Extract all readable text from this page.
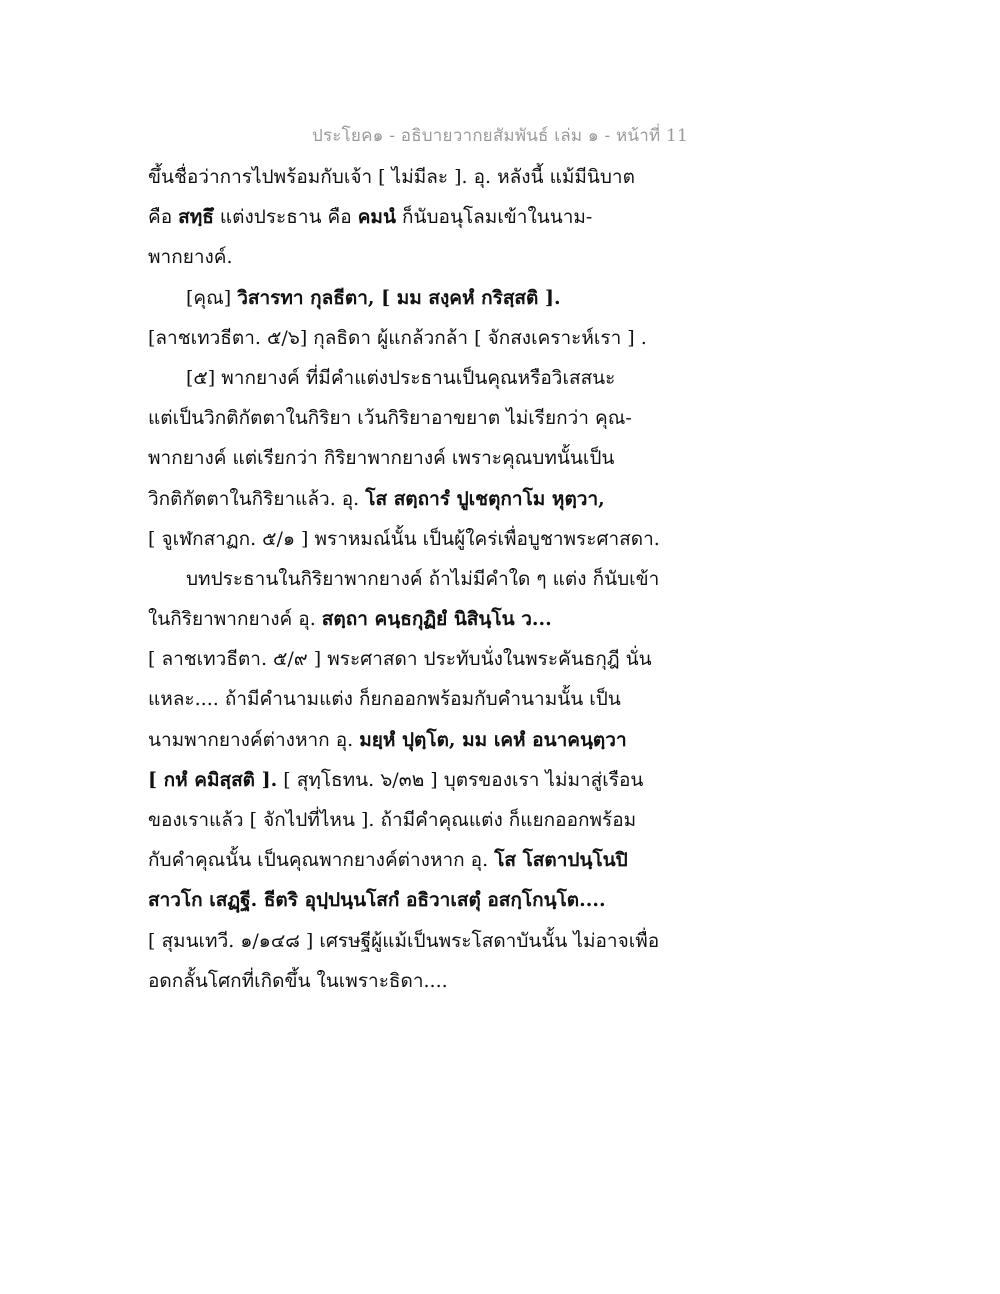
ประโยค๑ - อธิบายวากยสัมพันธ์ เล่ม ๑ - หน้าที่ 11
ขึ้นชื่อว่าการไปพร้อมกับเจ้า [ ไม่มีละ ]. อุ. หลังนี้ แม้มีนิบาต
คือ สทฺธึ แต่งประธาน คือ คมนํ ก็นับอนุโลมเข้าในนาม-
พากยางค์.
[คุณ] วิสารทา กุลธีตา, [ มม สงฺคหํ กริสฺสติ ].
[ลาชเทวธีตา. ๕/๖] กุลธิดา ผู้แกล้วกล้า [ จักสงเคราะห์เรา ] .
[๕] พากยางค์ ที่มีคำแต่งประธานเป็นคุณหรือวิเสสนะ
แต่เป็นวิกติกัตตาในกิริยา เว้นกิริยาอาขยาต ไม่เรียกว่า คุณ-
พากยางค์ แต่เรียกว่า กิริยาพากยางค์ เพราะคุณบทนั้นเป็น
วิกติกัตตาในกิริยาแล้ว. อุ. โส สตฺถารํ ปูเชตุกาโม หุตฺวา,
[ จูเฬกสาฏก. ๕/๑ ] พราหมณ์นั้น เป็นผู้ใคร่เพื่อบูชาพระศาสดา.
บทประธานในกิริยาพากยางค์ ถ้าไม่มีคำใด ๆ แต่ง ก็นับเข้า
ในกิริยาพากยางค์ อุ. สตฺถา คนฺธกุฏิยํ นิสินฺโน ว...
[ ลาชเทวธีตา. ๕/๙ ] พระศาสดา ประทับนั่งในพระคันธกุฎี นั่น
แหละ.... ถ้ามีคำนามแต่ง ก็ยกออกพร้อมกับคำนามนั้น เป็น
นามพากยางค์ต่างหาก อุ. มยฺหํ ปุตฺโต, มม เคหํ อนาคนฺตฺวา
[ กหํ คมิสฺสติ ]. [ สุทฺโธทน. ๖/๓๒ ] บุตรของเรา ไม่มาสู่เรือน
ของเราแล้ว [ จักไปที่ไหน ]. ถ้ามีคำคุณแต่ง ก็แยกออกพร้อม
กับคำคุณนั้น เป็นคุณพากยางค์ต่างหาก อุ. โส โสตาปนฺโนปิ
สาวโก เสฏฺฐี. ธีตริ อุปฺปนฺนโสกํ อธิวาเสตุํ อสกฺโกนฺโต....
[ สุมนเทวี. ๑/๑๔๘ ] เศรษฐีผู้แม้เป็นพระโสดาบันนั้น ไม่อาจเพื่อ
อดกลั้นโศกที่เกิดขึ้น ในเพราะธิดา....
